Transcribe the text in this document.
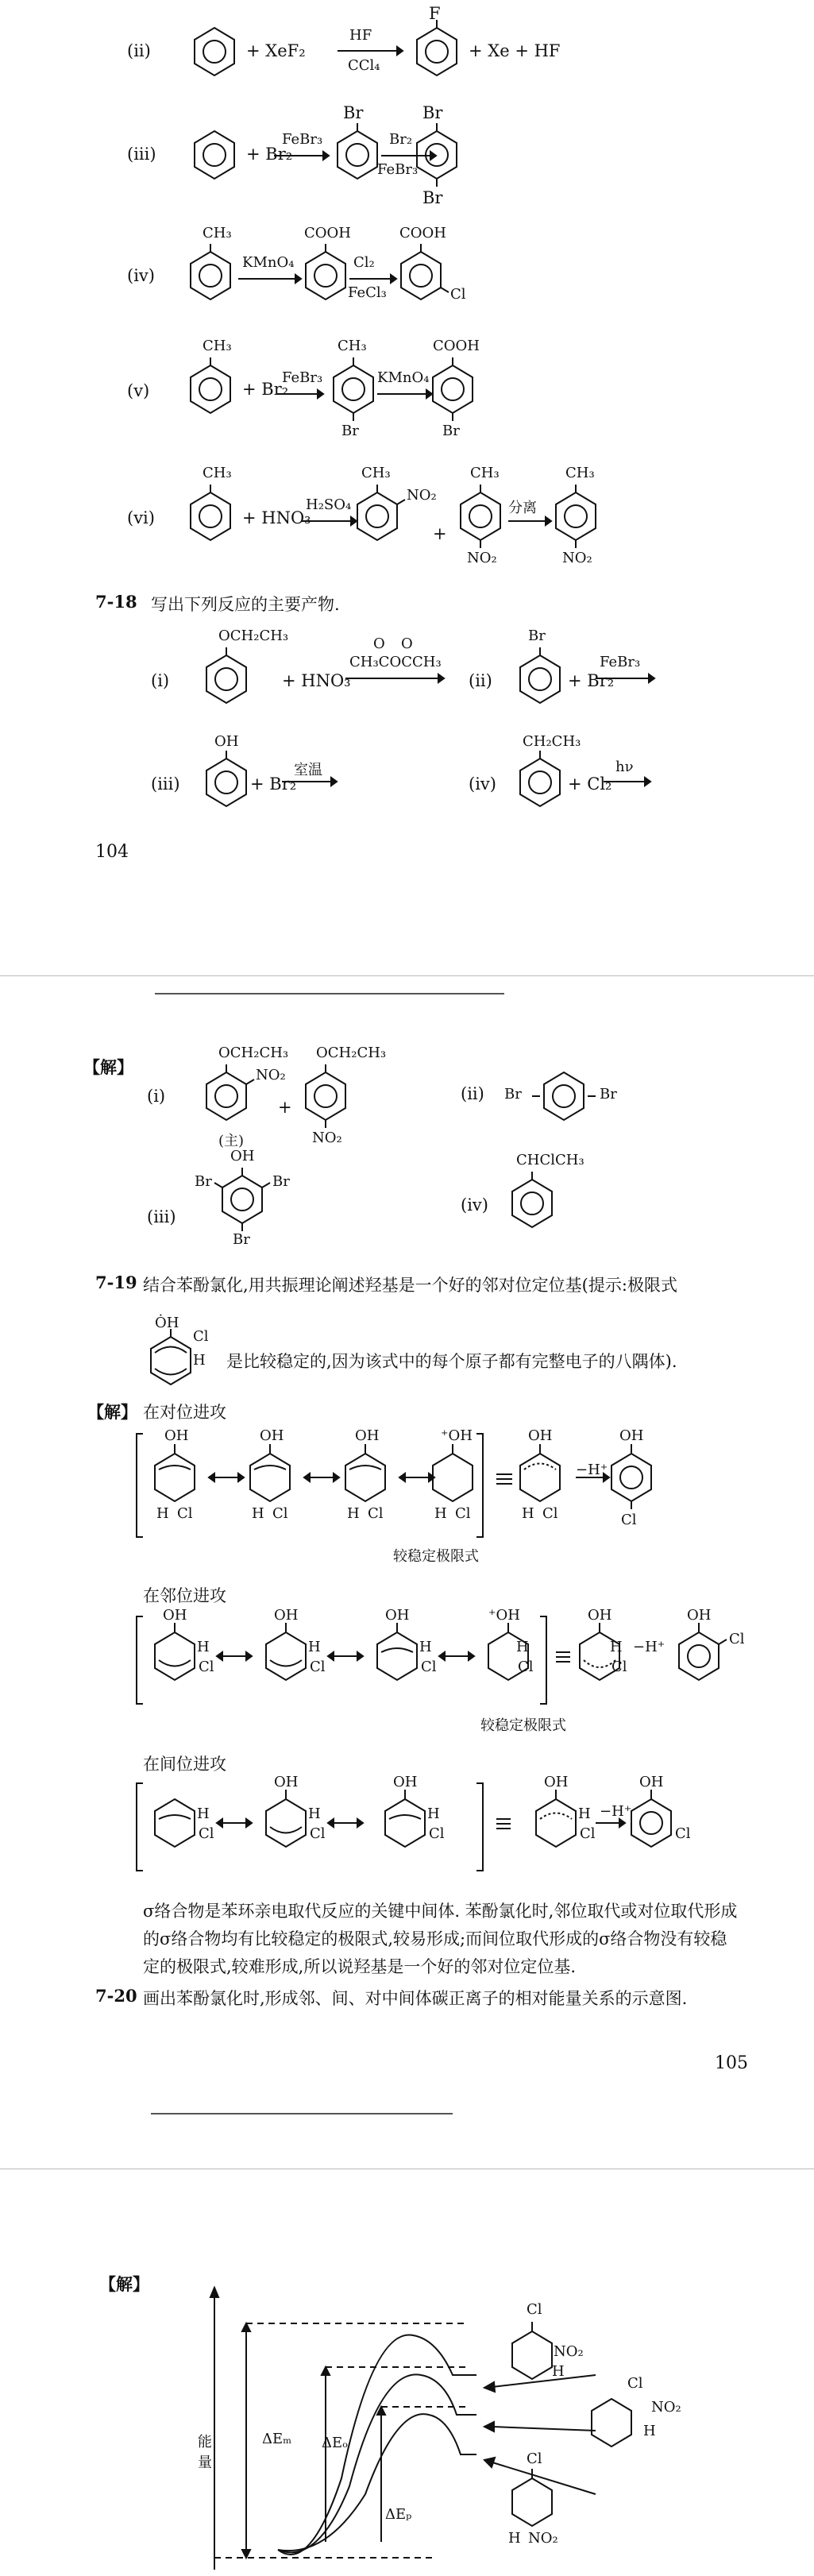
(ii)	+ XeF₂
HF
CCl₄
F
+ Xe + HF
(iii)	+ Br₂
FeBr₃
Br
Br₂
FeBr₃
Br
Br
(iv)
CH₃
KMnO₄
COOH
Cl₂
FeCl₃
COOH
Cl
(v)
CH₃
+ Br₂
FeBr₃
CH₃
Br
KMnO₄
COOH
Br
(vi)
CH₃
+ HNO₃
H₂SO₄
CH₃
NO₂
+
CH₃
NO₂
分离
CH₃
NO₂
7-18 写出下列反应的主要产物.
(i)
OCH₂CH₃
+ HNO₃
O O
CH₃COCCH₃
(ii)
Br
+ Br₂
FeBr₃
(iii)
OH
+ Br₂
室温
(iv)
CH₂CH₃
+ Cl₂
hν
104
【解】
(i)
OCH₂CH₃
NO₂
(主)
+
OCH₂CH₃
NO₂
(ii) Br	Br
(iii)
OH
Br	Br
Br
(iv)
CHClCH₃
7-19 结合苯酚氯化,用共振理论阐述羟基是一个好的邻对位定位基(提示:极限式
ȮH
Cl
H 是比较稳定的,因为该式中的每个原子都有完整电子的八隅体).
【解】 在对位进攻
OH	OH	OH	⁺OH	OH	OH
H Cl	H Cl	H Cl	H Cl	H Cl	Cl
−H⁺
较稳定极限式
在邻位进攻
OH	OH	OH	⁺OH	OH	OH
H
Cl
H
Cl
H
Cl
H
Cl
H
Cl
Cl
−H⁺
较稳定极限式
在间位进攻
OH	OH	OH	OH
H
Cl
H
Cl
H
Cl
H
Cl	Cl
−H⁺
σ络合物是苯环亲电取代反应的关键中间体. 苯酚氯化时,邻位取代或对位取代形成
的σ络合物均有比较稳定的极限式,较易形成;而间位取代形成的σ络合物没有较稳
定的极限式,较难形成,所以说羟基是一个好的邻对位定位基.
7-20 画出苯酚氯化时,形成邻、间、对中间体碳正离子的相对能量关系的示意图.
105
【解】
能量
ΔEₘ ΔEₒ
ΔEₚ
Cl
NO₂
H
Cl
NO₂
H
Cl
H NO₂
